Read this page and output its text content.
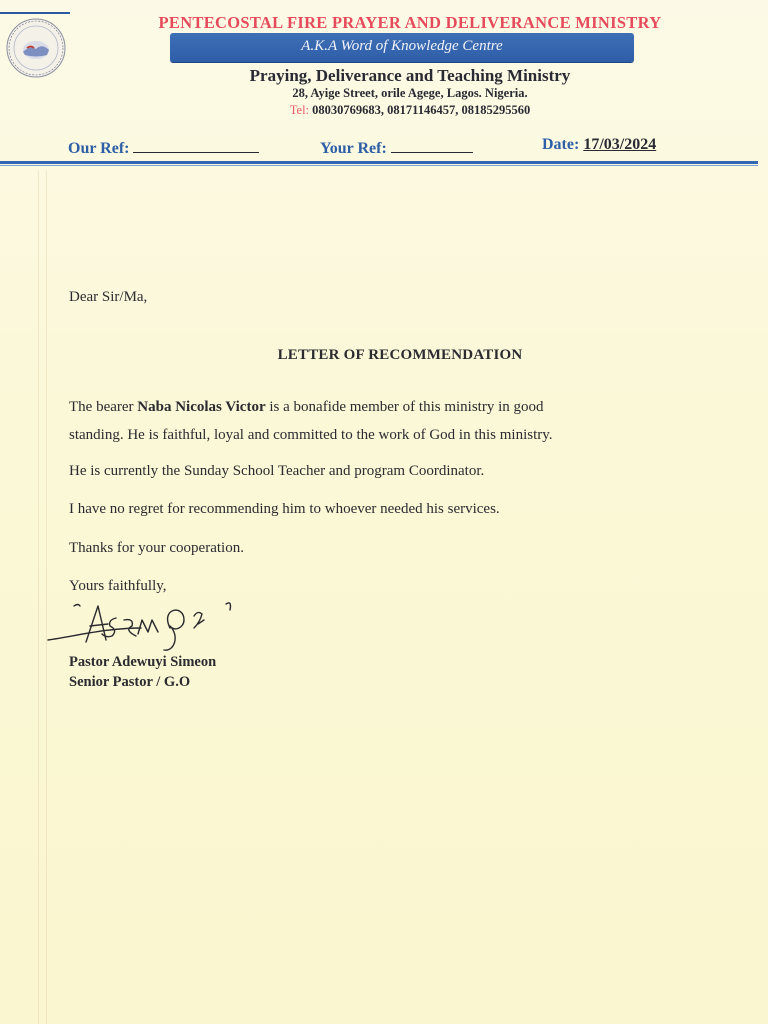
PENTECOSTAL FIRE PRAYER AND DELIVERANCE MINISTRY
A.K.A Word of Knowledge Centre
Praying, Deliverance and Teaching Ministry
28, Ayige Street, orile Agege, Lagos. Nigeria.
Tel: 08030769683, 08171146457, 08185295560
Our Ref:	Your Ref:	Date: 17/03/2024
Dear Sir/Ma,
LETTER OF RECOMMENDATION
The bearer Naba Nicolas Victor is a bonafide member of this ministry in good
standing. He is faithful, loyal and committed to the work of God in this ministry.
He is currently the Sunday School Teacher and program Coordinator.
I have no regret for recommending him to whoever needed his services.
Thanks for your cooperation.
Yours faithfully,
Pastor Adewuyi Simeon
Senior Pastor / G.O
